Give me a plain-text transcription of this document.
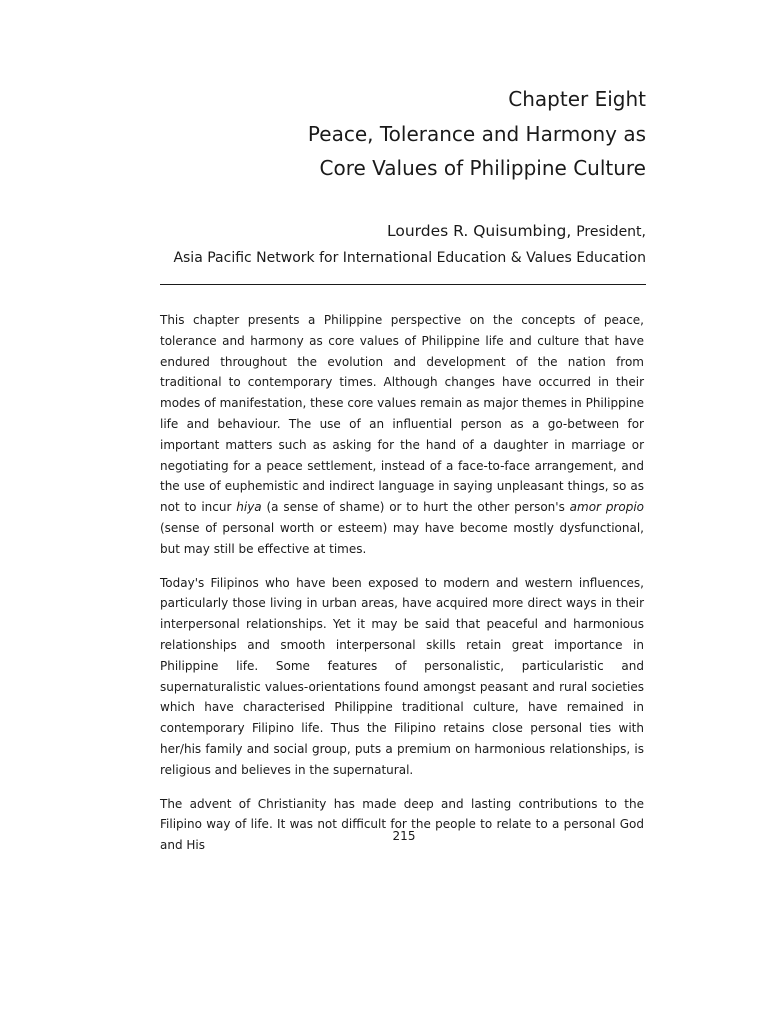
Chapter Eight
Peace, Tolerance and Harmony as
Core Values of Philippine Culture
Lourdes R. Quisumbing, President,
Asia Pacific Network for International Education & Values Education

This chapter presents a Philippine perspective on the concepts of peace, tolerance and harmony as core values of Philippine life and culture that have endured throughout the evolution and development of the nation from traditional to contemporary times. Although changes have occurred in their modes of manifestation, these core values remain as major themes in Philippine life and behaviour. The use of an influential person as a go-between for important matters such as asking for the hand of a daughter in marriage or negotiating for a peace settlement, instead of a face-to-face arrangement, and the use of euphemistic and indirect language in saying unpleasant things, so as not to incur hiya (a sense of shame) or to hurt the other person's amor propio (sense of personal worth or esteem) may have become mostly dysfunctional, but may still be effective at times.

Today's Filipinos who have been exposed to modern and western influences, particularly those living in urban areas, have acquired more direct ways in their interpersonal relationships. Yet it may be said that peaceful and harmonious relationships and smooth interpersonal skills retain great importance in Philippine life. Some features of personalistic, particularistic and supernaturalistic values-orientations found amongst peasant and rural societies which have characterised Philippine traditional culture, have remained in contemporary Filipino life. Thus the Filipino retains close personal ties with her/his family and social group, puts a premium on harmonious relationships, is religious and believes in the supernatural.

The advent of Christianity has made deep and lasting contributions to the Filipino way of life. It was not difficult for the people to relate to a personal God and His

215
